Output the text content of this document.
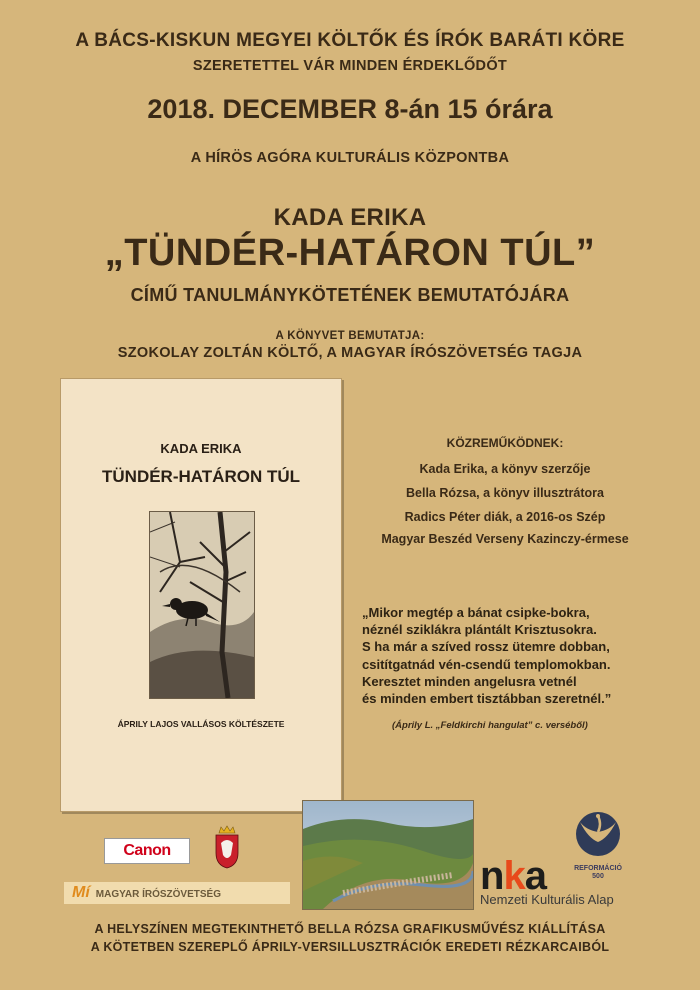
A BÁCS-KISKUN MEGYEI KÖLTŐK ÉS ÍRÓK BARÁTI KÖRE
SZERETETTEL VÁR MINDEN ÉRDEKLŐDŐT
2018. DECEMBER 8-án 15 órára
A HÍRÖS AGÓRA KULTURÁLIS KÖZPONTBA
KADA ERIKA
„TÜNDÉR-HATÁRON TÚL”
CÍMŰ TANULMÁNYKÖTETÉNEK BEMUTATÓJÁRA
A KÖNYVET BEMUTATJA:
SZOKOLAY ZOLTÁN KÖLTŐ, A MAGYAR ÍRÓSZÖVETSÉG TAGJA
KADA ERIKA
TÜNDÉR-HATÁRON TÚL
ÁPRILY LAJOS VALLÁSOS KÖLTÉSZETE
KÖZREMŰKÖDNEK:
Kada Erika, a könyv szerzője
Bella Rózsa, a könyv illusztrátora
Radics Péter diák, a 2016-os Szép
Magyar Beszéd Verseny Kazinczy-érmese
„Mikor megtép a bánat csipke-bokra,
néznél sziklákra plántált Krisztusokra.
S ha már a szíved rossz ütemre dobban,
csitítgatnád vén-csendű templomokban.
Keresztet minden angelusra vetnél
és minden embert tisztábban szeretnél.”
(Áprily L. „Feldkirchi hangulat” c. verséből)
Canon
Mí MAGYAR ÍRÓSZÖVETSÉG	nka
Nemzeti Kulturális Alap
REFORMÁCIÓ
500
A HELYSZÍNEN MEGTEKINTHETŐ BELLA RÓZSA GRAFIKUSMŰVÉSZ KIÁLLÍTÁSA
A KÖTETBEN SZEREPLŐ ÁPRILY-VERSILLUSZTRÁCIÓK EREDETI RÉZKARCAIBÓL
